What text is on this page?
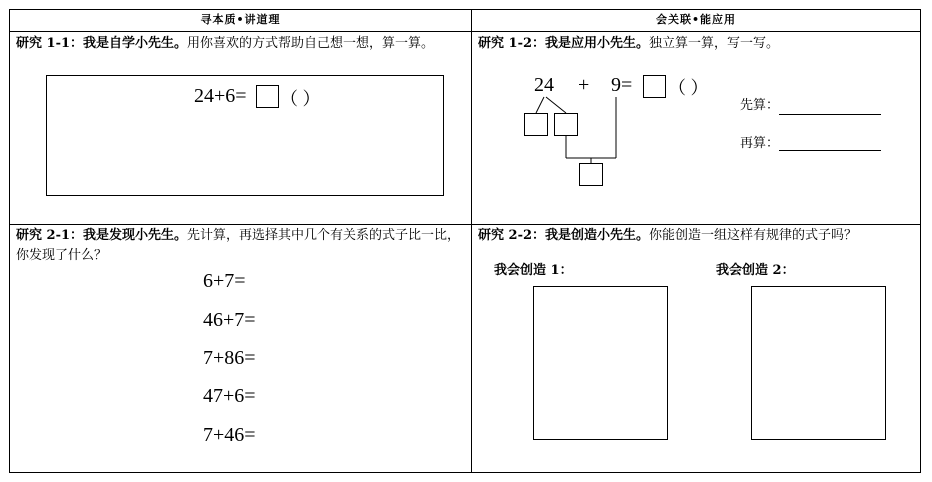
寻本质•讲道理	会关联•能应用
研究 1-1：我是自学小先生。用你喜欢的方式帮助自己想一想，算一算。
24+6= （ ）
研究 1-2：我是应用小先生。独立算一算，写一写。
24 + 9= （ ）
先算：
再算：
研究 2-1：我是发现小先生。先计算，再选择其中几个有关系的式子比一比，你发现了什么？
6+7=
46+7=
7+86=
47+6=
7+46=
研究 2-2：我是创造小先生。你能创造一组这样有规律的式子吗？
我会创造 1：	我会创造 2：
